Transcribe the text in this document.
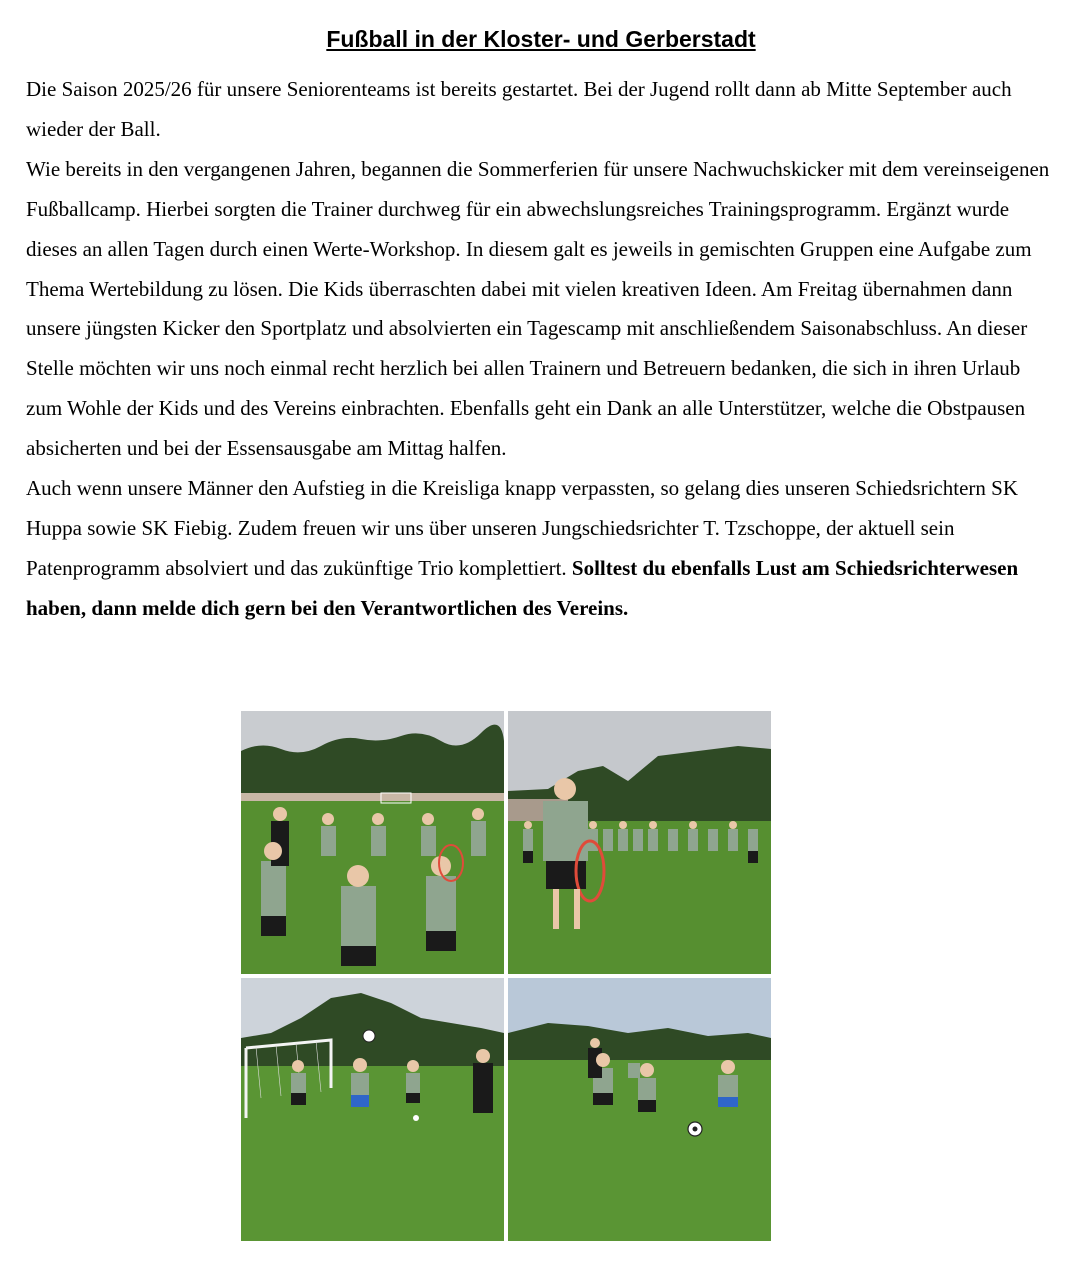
Fußball in der Kloster- und Gerberstadt

Die Saison 2025/26 für unsere Seniorenteams ist bereits gestartet. Bei der Jugend rollt dann ab Mitte September auch wieder der Ball.

Wie bereits in den vergangenen Jahren, begannen die Sommerferien für unsere Nachwuchskicker mit dem vereinseigenen Fußballcamp. Hierbei sorgten die Trainer durchweg für ein abwechslungsreiches Trainingsprogramm. Ergänzt wurde dieses an allen Tagen durch einen Werte-Workshop. In diesem galt es jeweils in gemischten Gruppen eine Aufgabe zum Thema Wertebildung zu lösen. Die Kids überraschten dabei mit vielen kreativen Ideen. Am Freitag übernahmen dann unsere jüngsten Kicker den Sportplatz und absolvierten ein Tagescamp mit anschließendem Saisonabschluss. An dieser Stelle möchten wir uns noch einmal recht herzlich bei allen Trainern und Betreuern bedanken, die sich in ihren Urlaub zum Wohle der Kids und des Vereins einbrachten. Ebenfalls geht ein Dank an alle Unterstützer, welche die Obstpausen absicherten und bei der Essensausgabe am Mittag halfen.

Auch wenn unsere Männer den Aufstieg in die Kreisliga knapp verpassten, so gelang dies unseren Schiedsrichtern SK Huppa sowie SK Fiebig. Zudem freuen wir uns über unseren Jungschiedsrichter T. Tzschoppe, der aktuell sein Patenprogramm absolviert und das zukünftige Trio komplettiert. Solltest du ebenfalls Lust am Schiedsrichterwesen haben, dann melde dich gern bei den Verantwortlichen des Vereins.
